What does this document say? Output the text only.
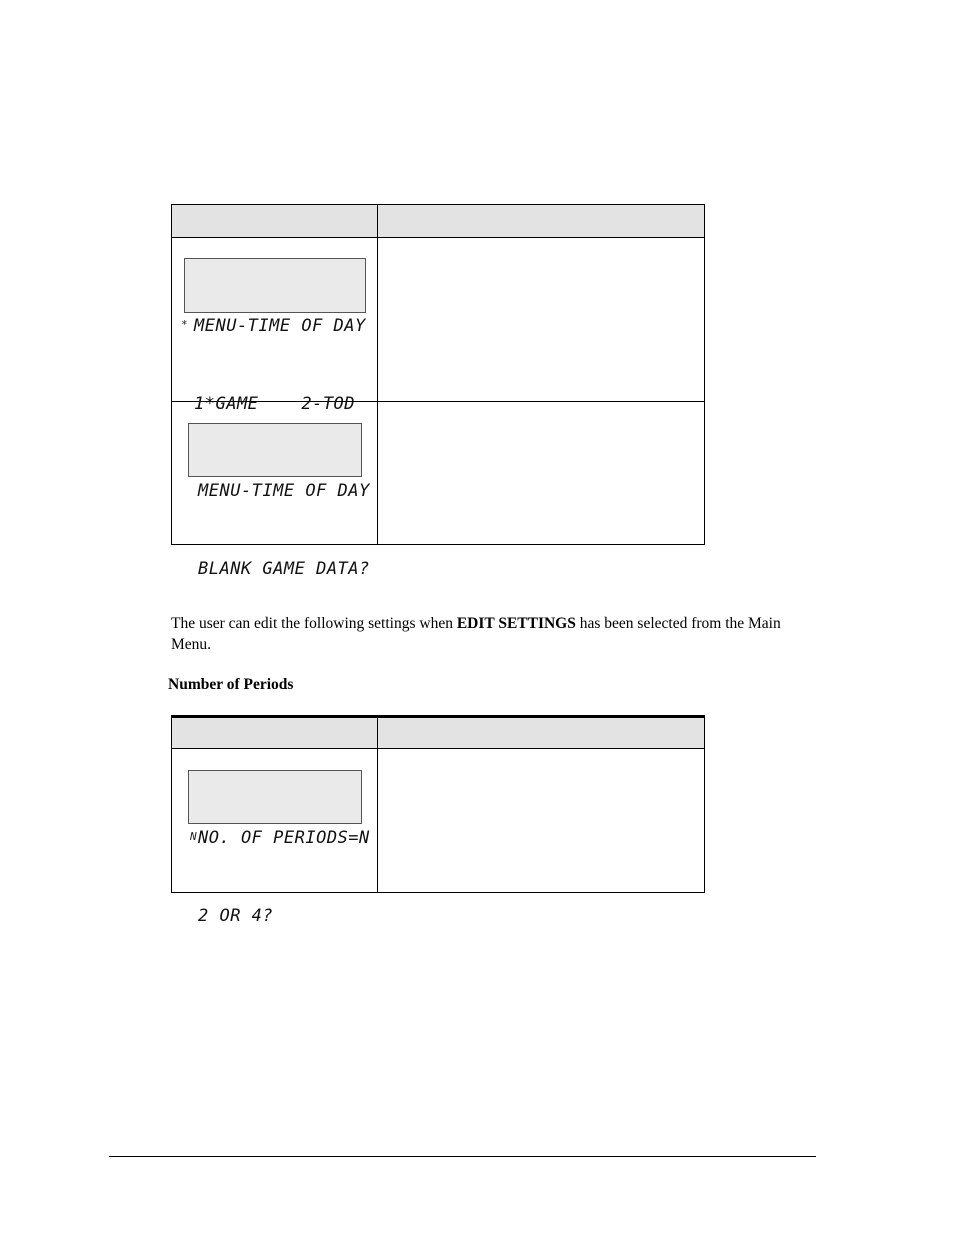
MENU-TIME OF DAY

1*GAME    2-TOD

*

MENU-TIME OF DAY

BLANK GAME DATA?

The user can edit the following settings when EDIT SETTINGS has been selected from the Main Menu.
Number of Periods

NO. OF PERIODS=N

2 OR 4?

N
